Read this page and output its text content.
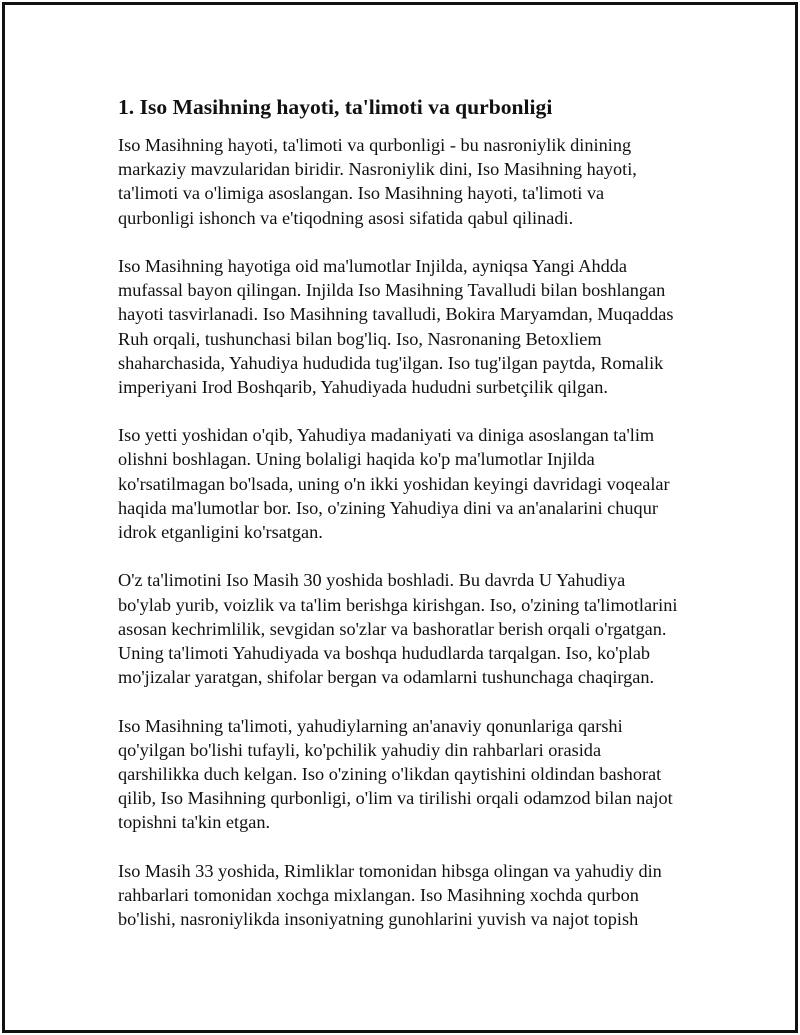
1. Iso Masihning hayoti, ta'limoti va qurbonligi

Iso Masihning hayoti, ta'limoti va qurbonligi - bu nasroniylik dinining
markaziy mavzularidan biridir. Nasroniylik dini, Iso Masihning hayoti,
ta'limoti va o'limiga asoslangan. Iso Masihning hayoti, ta'limoti va
qurbonligi ishonch va e'tiqodning asosi sifatida qabul qilinadi.

Iso Masihning hayotiga oid ma'lumotlar Injilda, ayniqsa Yangi Ahdda
mufassal bayon qilingan. Injilda Iso Masihning Tavalludi bilan boshlangan
hayoti tasvirlanadi. Iso Masihning tavalludi, Bokira Maryamdan, Muqaddas
Ruh orqali, tushunchasi bilan bog'liq. Iso, Nasronaning Betoxliem
shaharchasida, Yahudiya hududida tug'ilgan. Iso tug'ilgan paytda, Romalik
imperiyani Irod Boshqarib, Yahudiyada hududni surbetçilik qilgan.

Iso yetti yoshidan o'qib, Yahudiya madaniyati va diniga asoslangan ta'lim
olishni boshlagan. Uning bolaligi haqida ko'p ma'lumotlar Injilda
ko'rsatilmagan bo'lsada, uning o'n ikki yoshidan keyingi davridagi voqealar
haqida ma'lumotlar bor. Iso, o'zining Yahudiya dini va an'analarini chuqur
idrok etganligini ko'rsatgan.

O'z ta'limotini Iso Masih 30 yoshida boshladi. Bu davrda U Yahudiya
bo'ylab yurib, voizlik va ta'lim berishga kirishgan. Iso, o'zining ta'limotlarini
asosan kechrimlilik, sevgidan so'zlar va bashoratlar berish orqali o'rgatgan.
Uning ta'limoti Yahudiyada va boshqa hududlarda tarqalgan. Iso, ko'plab
mo'jizalar yaratgan, shifolar bergan va odamlarni tushunchaga chaqirgan.

Iso Masihning ta'limoti, yahudiylarning an'anaviy qonunlariga qarshi
qo'yilgan bo'lishi tufayli, ko'pchilik yahudiy din rahbarlari orasida
qarshilikka duch kelgan. Iso o'zining o'likdan qaytishini oldindan bashorat
qilib, Iso Masihning qurbonligi, o'lim va tirilishi orqali odamzod bilan najot
topishni ta'kin etgan.

Iso Masih 33 yoshida, Rimliklar tomonidan hibsga olingan va yahudiy din
rahbarlari tomonidan xochga mixlangan. Iso Masihning xochda qurbon
bo'lishi, nasroniylikda insoniyatning gunohlarini yuvish va najot topish
